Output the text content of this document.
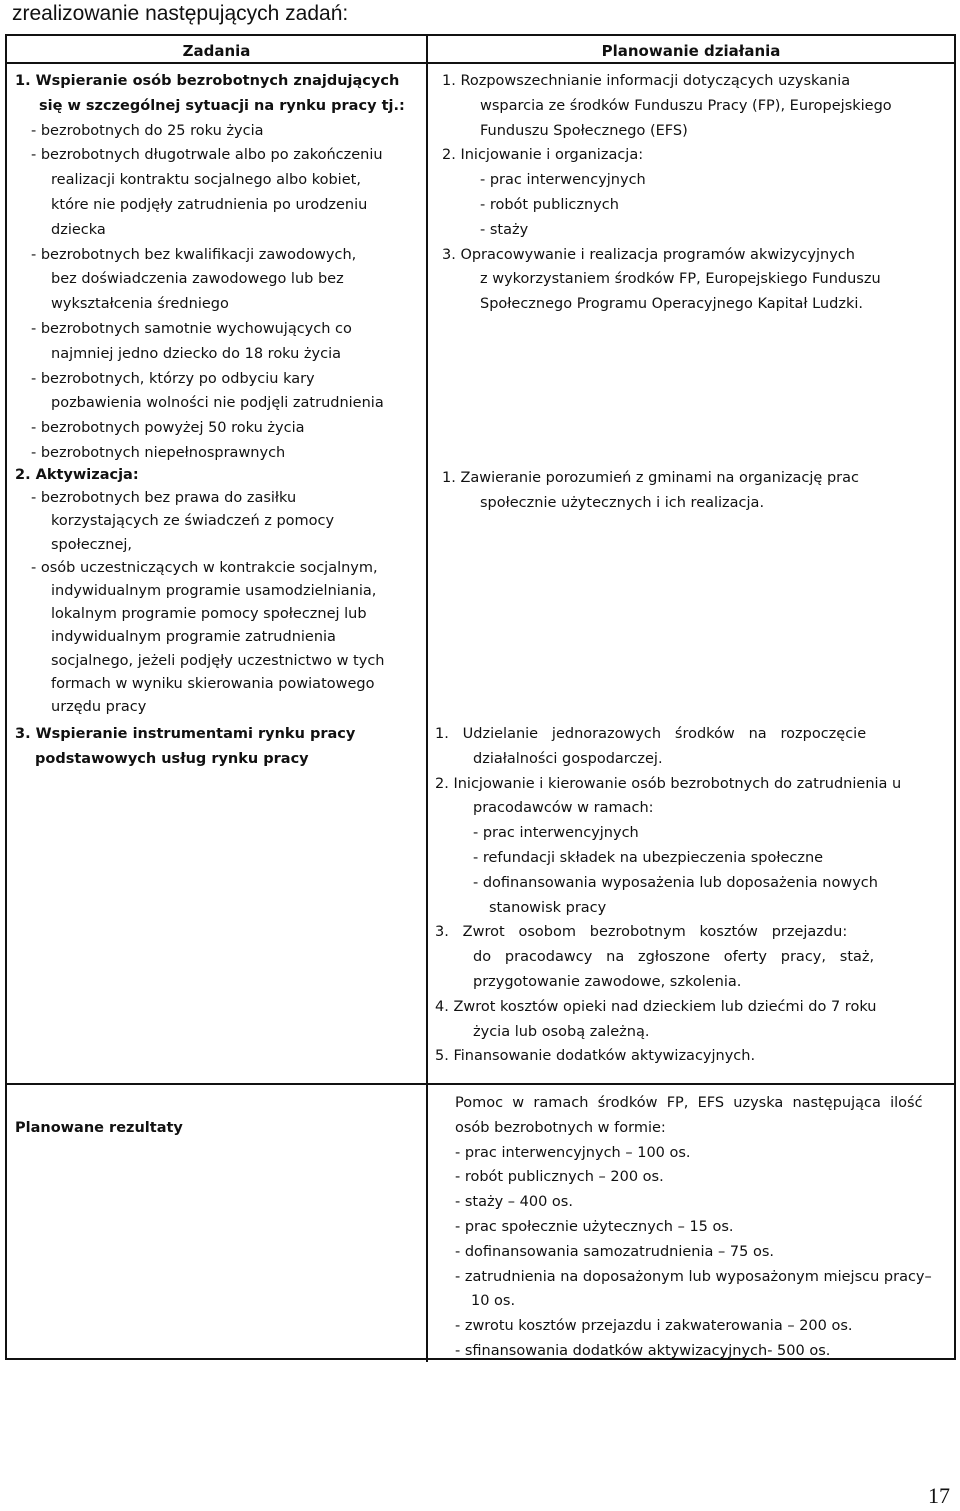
zrealizowanie następujących zadań:
Zadania	Planowanie działania
1. Wspieranie osób bezrobotnych znajdujących
się w szczególnej sytuacji na rynku pracy tj.:
- bezrobotnych do 25 roku życia
- bezrobotnych długotrwale albo po zakończeniu
realizacji kontraktu socjalnego albo kobiet,
które nie podjęły zatrudnienia po urodzeniu
dziecka
- bezrobotnych bez kwalifikacji zawodowych,
bez doświadczenia zawodowego lub bez
wykształcenia średniego
- bezrobotnych samotnie wychowujących co
najmniej jedno dziecko do 18 roku życia
- bezrobotnych, którzy po odbyciu kary
pozbawienia wolności nie podjęli zatrudnienia
- bezrobotnych powyżej 50 roku życia
- bezrobotnych niepełnosprawnych
1. Rozpowszechnianie informacji dotyczących uzyskania
wsparcia ze środków Funduszu Pracy (FP), Europejskiego
Funduszu Społecznego (EFS)
2. Inicjowanie i organizacja:
- prac interwencyjnych
- robót publicznych
- staży
3. Opracowywanie i realizacja programów akwizycyjnych
z wykorzystaniem środków FP, Europejskiego Funduszu
Społecznego Programu Operacyjnego Kapitał Ludzki.
2. Aktywizacja:
- bezrobotnych bez prawa do zasiłku
korzystających ze świadczeń z pomocy
społecznej,
- osób uczestniczących w kontrakcie socjalnym,
indywidualnym programie usamodzielniania,
lokalnym programie pomocy społecznej lub
indywidualnym programie zatrudnienia
socjalnego, jeżeli podjęły uczestnictwo w tych
formach w wyniku skierowania powiatowego
urzędu pracy
1. Zawieranie porozumień z gminami na organizację prac
społecznie użytecznych i ich realizacja.
3. Wspieranie instrumentami rynku pracy
podstawowych usług rynku pracy
1.   Udzielanie   jednorazowych   środków   na   rozpoczęcie
działalności gospodarczej.
2. Inicjowanie i kierowanie osób bezrobotnych do zatrudnienia u
pracodawców w ramach:
- prac interwencyjnych
- refundacji składek na ubezpieczenia społeczne
- dofinansowania wyposażenia lub doposażenia nowych
stanowisk pracy
3.   Zwrot   osobom   bezrobotnym   kosztów   przejazdu:
do   pracodawcy   na   zgłoszone   oferty   pracy,   staż,
przygotowanie zawodowe, szkolenia.
4. Zwrot kosztów opieki nad dzieckiem lub dziećmi do 7 roku
życia lub osobą zależną.
5. Finansowanie dodatków aktywizacyjnych.
Planowane rezultaty
Pomoc  w  ramach  środków  FP,  EFS  uzyska  następująca  ilość
osób bezrobotnych w formie:
- prac interwencyjnych – 100 os.
- robót publicznych – 200 os.
- staży – 400 os.
- prac społecznie użytecznych – 15 os.
- dofinansowania samozatrudnienia – 75 os.
- zatrudnienia na doposażonym lub wyposażonym miejscu pracy–
10 os.
- zwrotu kosztów przejazdu i zakwaterowania – 200 os.
- sfinansowania dodatków aktywizacyjnych- 500 os.
17
